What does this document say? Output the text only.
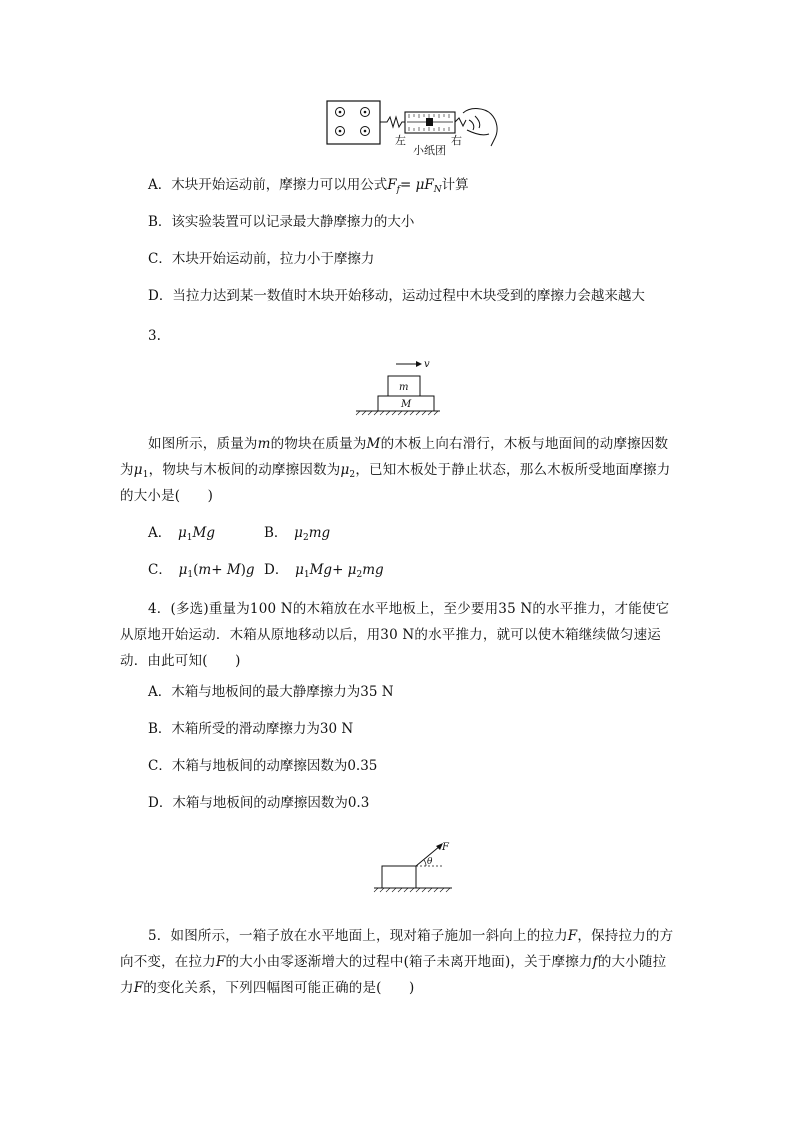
左
小纸团
右
A．木块开始运动前，摩擦力可以用公式$F_f= \mu F_N$计算
B．该实验装置可以记录最大静摩擦力的大小
C．木块开始运动前，拉力小于摩擦力
D．当拉力达到某一数值时木块开始移动，运动过程中木块受到的摩擦力会越来越大
3.
v
m
M
如图所示，质量为m的物块在质量为M的木板上向右滑行，木板与地面间的动摩擦因数为$\mu_1$，物块与木板间的动摩擦因数为$\mu_2$，已知木板处于静止状态，那么木板所受地面摩擦力的大小是(　　)
A．　$\mu_1Mg$	B．　$\mu_2mg$
C．　$\mu_1(m+ M)g$ D．　$\mu_1Mg+ \mu_2mg$
4．(多选)重量为100 N的木箱放在水平地板上，至少要用35 N的水平推力，才能使它从原地开始运动．木箱从原地移动以后，用30 N的水平推力，就可以使木箱继续做匀速运动．由此可知(　　)
A．木箱与地板间的最大静摩擦力为35 N
B．木箱所受的滑动摩擦力为30 N
C．木箱与地板间的动摩擦因数为0.35
D．木箱与地板间的动摩擦因数为0.3
F
θ
5．如图所示，一箱子放在水平地面上，现对箱子施加一斜向上的拉力F，保持拉力的方向不变，在拉力F的大小由零逐渐增大的过程中(箱子未离开地面)，关于摩擦力f的大小随拉力F的变化关系，下列四幅图可能正确的是(　　)
